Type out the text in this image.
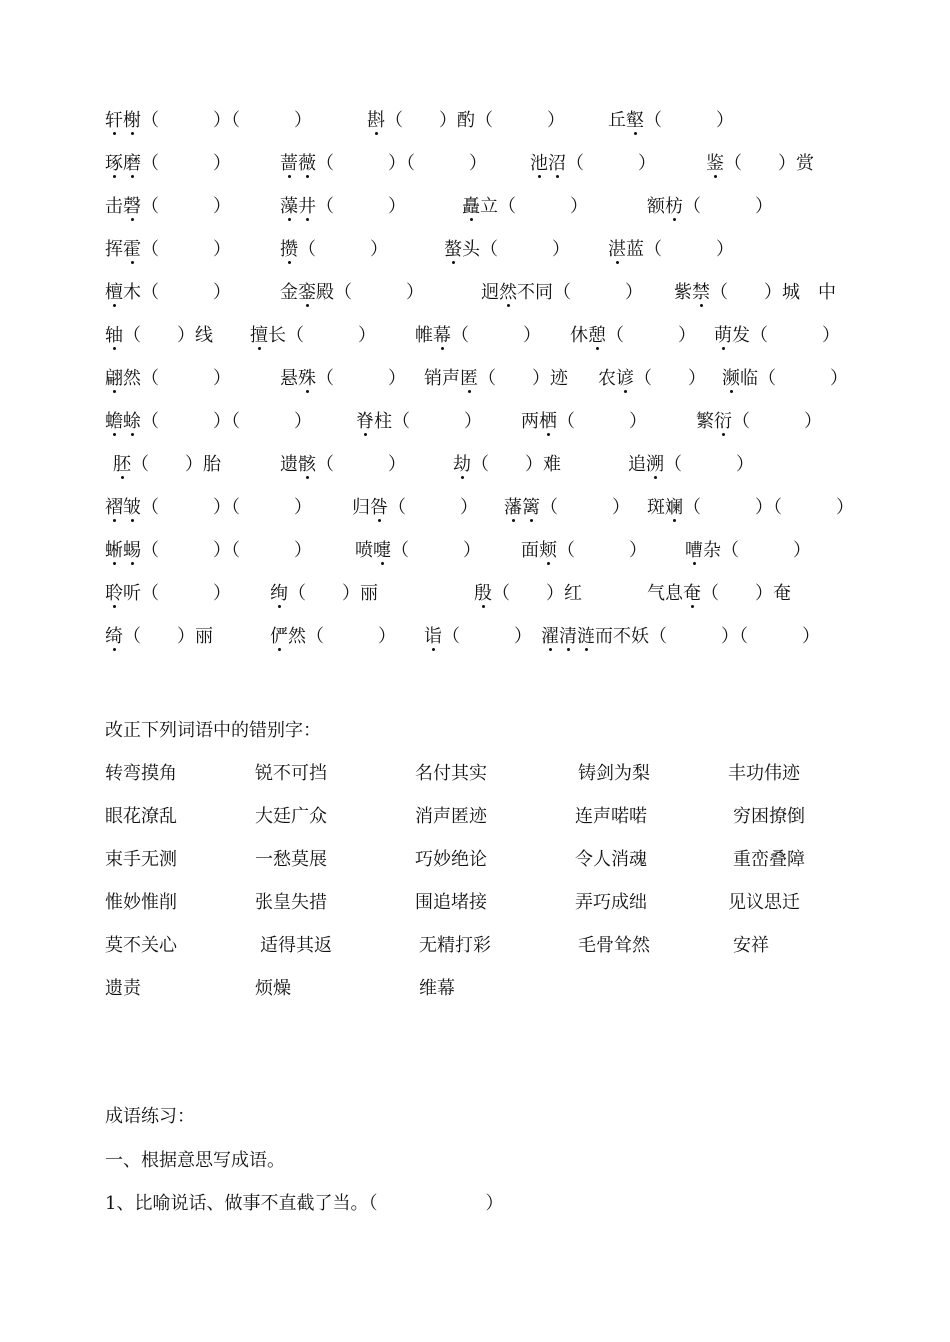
轩榭（　　　）（　　　）	斟（　　）酌（　　　） 丘壑（　　　）
琢磨（　　　）	蔷薇（　　　）（　　　） 池沼（　　　）	鉴（　　）赏
击磬（　　　）	藻井（　　　）	矗立（　　　）	额枋（　　　）
挥霍（　　　）	攒（　　　）	螯头（　　　） 湛蓝（　　　）
檀木（　　　）	金銮殿（　　　）	迥然不同（　　　） 紫禁（　　）城　中
轴（　　）线 擅长（　　　） 帷幕（　　　） 休憩（　　　） 萌发（　　　）
翩然（　　　）	悬殊（　　　） 销声匿（　　）迹 农谚（　　） 濒临（　　　）
蟾蜍（　　　）（　　　） 脊柱（　　　） 两栖（　　　）	繁衍（　　　）
胚（　　）胎	遗骸（　　　）	劫（　　）难	追溯（　　　）
褶皱（　　　）（　　　） 归咎（　　　） 藩篱（　　　） 斑斓（　　　）（　　　）
蜥蜴（　　　）（　　　） 喷嚏（　　　） 面颊（　　　） 嘈杂（　　　）
聆听（　　　） 绚（　　）丽	殷（　　）红	气息奄（　　）奄
绮（　　）丽	俨然（　　　） 诣（　　　） 濯清涟而不妖（　　　）（　　　）

改正下列词语中的错别字：

转弯摸角	锐不可挡	名付其实	铸剑为梨	丰功伟迹
眼花潦乱	大廷广众	消声匿迹	连声喏喏	穷困撩倒
束手无测	一愁莫展	巧妙绝论	令人消魂	重峦叠障
惟妙惟削	张皇失措	围追堵接	弄巧成绌	见议思迁
莫不关心	适得其返	无精打彩	毛骨耸然	安祥
遗责	烦燥	维幕

成语练习：

一、根据意思写成语。

1、比喻说话、做事不直截了当。（　　　　　　）
